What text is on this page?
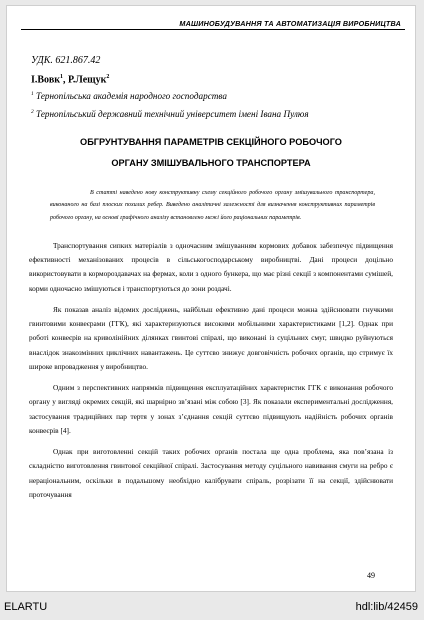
МАШИНОБУДУВАННЯ ТА АВТОМАТИЗАЦІЯ ВИРОБНИЦТВА
УДК. 621.867.42
І.Вовк$^1$, Р.Лещук$^2$
$^1$ Тернопільська академія народного господарства
$^2$ Тернопільський державний технічний університет імені Івана Пулюя
ОБГРУНТУВАННЯ ПАРАМЕТРІВ СЕКЦІЙНОГО РОБОЧОГО
ОРГАНУ ЗМІШУВАЛЬНОГО ТРАНСПОРТЕРА
В статті наведено нову конструктивну схему секційного робочого органу змішувального транспортера, виконаного на базі плоских похилих ребер. Виведено аналітичні залежності для визначення конструктивних параметрів робочого органу, на основі графічного аналізу встановлено межі його раціональних параметрів.

Транспортування сипких матеріалів з одночасним змішуванням кормових добавок забезпечує підвищення ефективності механізованих процесів в сільськогосподарському виробництві. Дані процеси доцільно використовувати в кормороздавачах на фермах, коли з одного бункера, що має різні секції з компонентами сумішей, корми одночасно змішуються і транспортуються до зони роздачі.

Як показав аналіз відомих досліджень, найбільш ефективно дані процеси можна здійснювати гнучкими гвинтовими конвеєрами (ГГК), які характеризуються високими мобільними характеристиками [1,2]. Однак при роботі конвеєрів на криволінійних ділянках гвинтові спіралі, що виконані із суцільних смуг, швидко руйнуються внаслідок знакозмінних циклічних навантажень. Це суттєво знижує довговічність робочих органів, що стримує їх широке впровадження у виробництво.

Одним з перспективних напрямків підвищення експлуатаційних характеристик ГГК є виконання робочого органу у вигляді окремих секцій, які шарнірно зв’язані між собою [3]. Як показали експериментальні дослідження, застосування традиційних пар тертя у зонах з’єднання секцій суттєво підвищують надійність робочих органів конвеєрів [4].

Однак при виготовленні секцій таких робочих органів постала ще одна проблема, яка пов’язана із складністю виготовлення гвинтової секційної спіралі. Застосування методу суцільного навивання смуги на ребро є нераціональним, оскільки в подальшому необхідно калібрувати спіраль, розрізати її на секції, здійснювати проточування

49
ELARTU	hdl:lib/42459
